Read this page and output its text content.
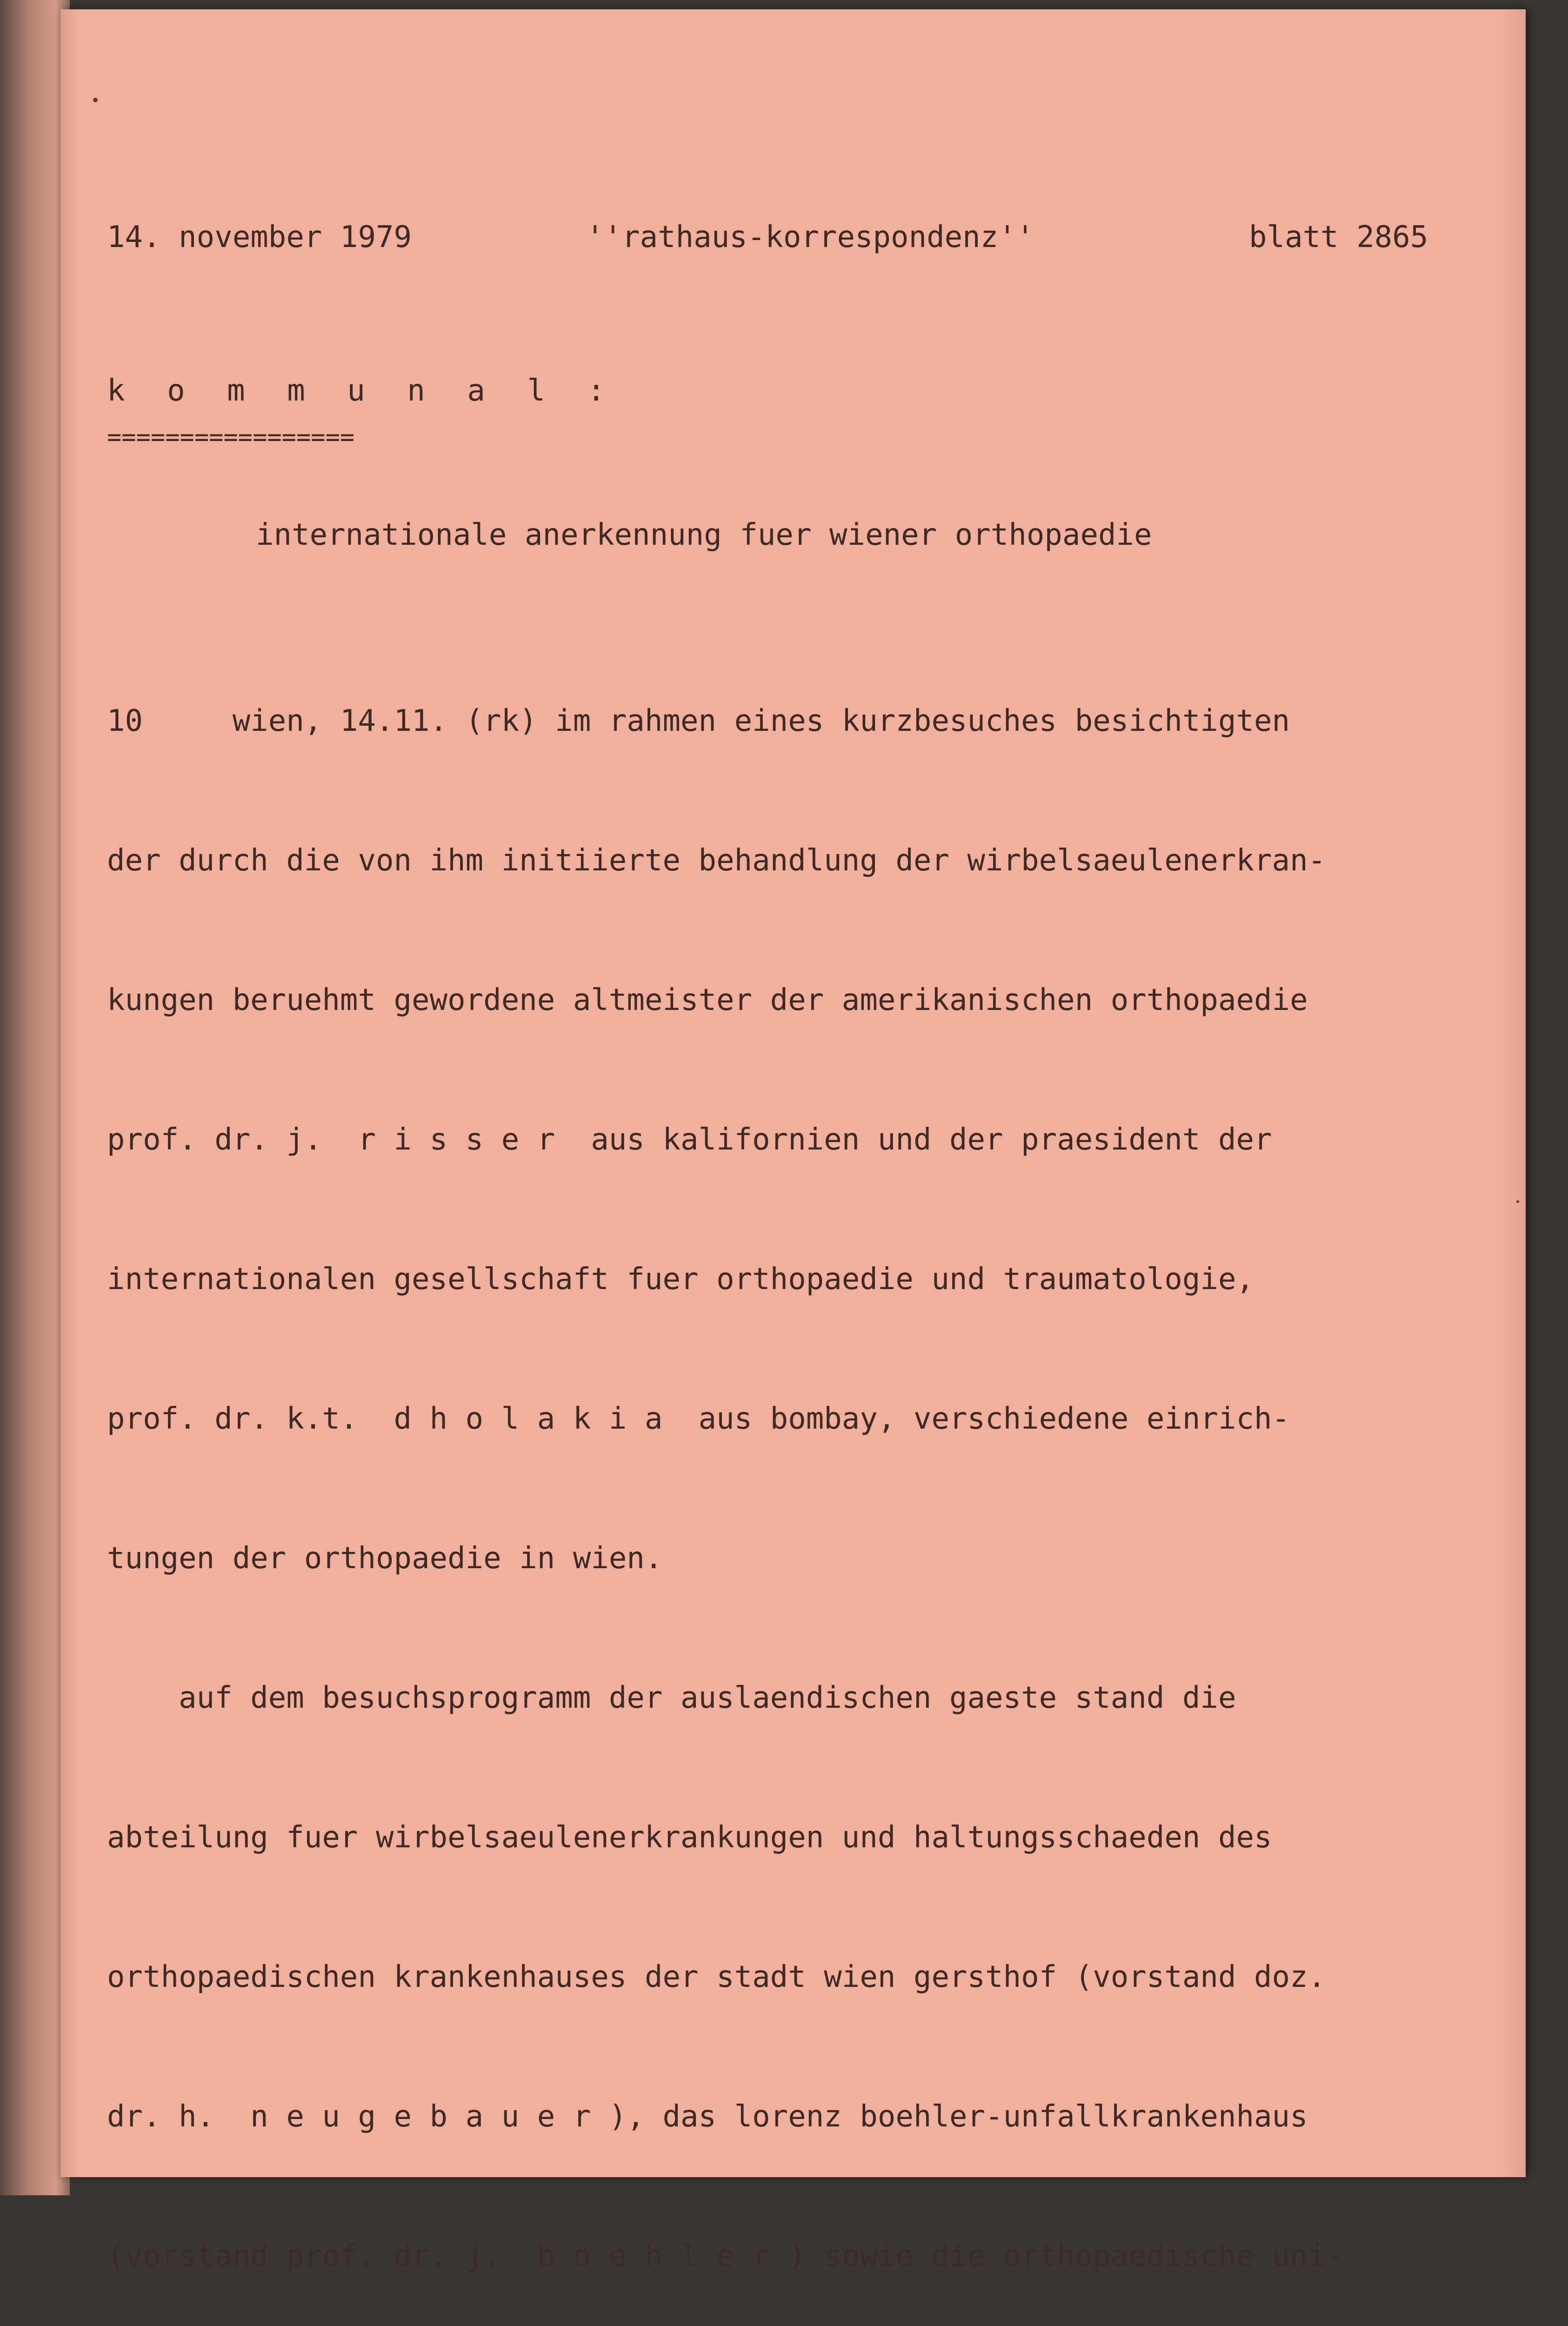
14. november 1979

	''rathaus-korrespondenz''

	blatt 2865

k o m m u n a l :
=================
internationale anerkennung fuer wiener orthopaedie

10     wien, 14.11. (rk) im rahmen eines kurzbesuches besichtigten

der durch die von ihm initiierte behandlung der wirbelsaeulenerkran-

kungen beruehmt gewordene altmeister der amerikanischen orthopaedie

prof. dr. j.  r i s s e r  aus kalifornien und der praesident der

internationalen gesellschaft fuer orthopaedie und traumatologie,

prof. dr. k.t.  d h o l a k i a  aus bombay, verschiedene einrich-

tungen der orthopaedie in wien.

auf dem besuchsprogramm der auslaendischen gaeste stand die

abteilung fuer wirbelsaeulenerkrankungen und haltungsschaeden des

orthopaedischen krankenhauses der stadt wien gersthof (vorstand doz.

dr. h.  n e u g e b a u e r ), das lorenz boehler-unfallkrankenhaus

(vorstand prof. dr. j.  b o e h l e r ) sowie die orthopaedische uni-
